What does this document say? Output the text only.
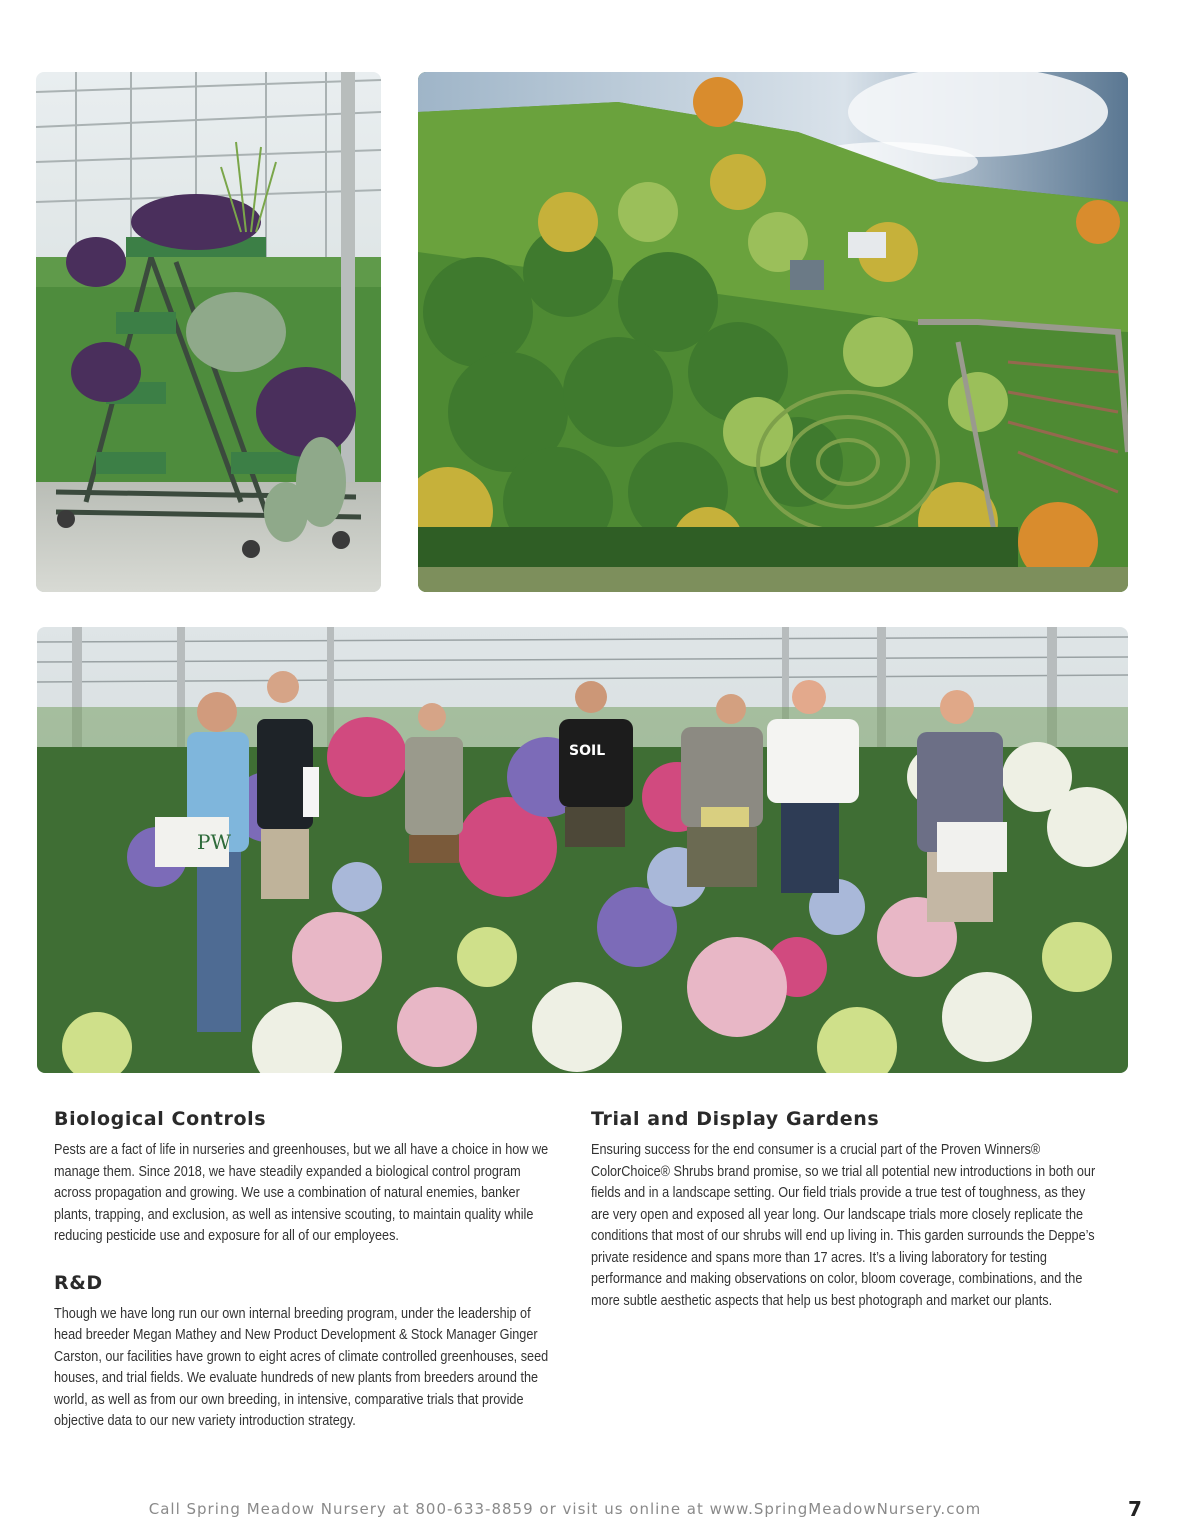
PW
SOIL
Biological Controls

Pests are a fact of life in nurseries and greenhouses, but we all have a choice in how we manage them. Since 2018, we have steadily expanded a biological control program across propagation and growing. We use a combination of natural enemies, banker plants, trapping, and exclusion, as well as intensive scouting, to maintain quality while reducing pesticide use and exposure for all of our employees.

R&D

Though we have long run our own internal breeding program, under the leadership of head breeder Megan Mathey and New Product Development & Stock Manager Ginger Carston, our facilities have grown to eight acres of climate controlled greenhouses, seed houses, and trial fields. We evaluate hundreds of new plants from breeders around the world, as well as from our own breeding, in intensive, comparative trials that provide objective data to our new variety introduction strategy.

Trial and Display Gardens

Ensuring success for the end consumer is a crucial part of the Proven Winners® ColorChoice® Shrubs brand promise, so we trial all potential new introductions in both our fields and in a landscape setting. Our field trials provide a true test of toughness, as they are very open and exposed all year long. Our landscape trials more closely replicate the conditions that most of our shrubs will end up living in. This garden surrounds the Deppe’s private residence and spans more than 17 acres. It’s a living laboratory for testing performance and making observations on color, bloom coverage, combinations, and the more subtle aesthetic aspects that help us best photograph and market our plants.

Call Spring Meadow Nursery at 800-633-8859 or visit us online at www.SpringMeadowNursery.com	7
